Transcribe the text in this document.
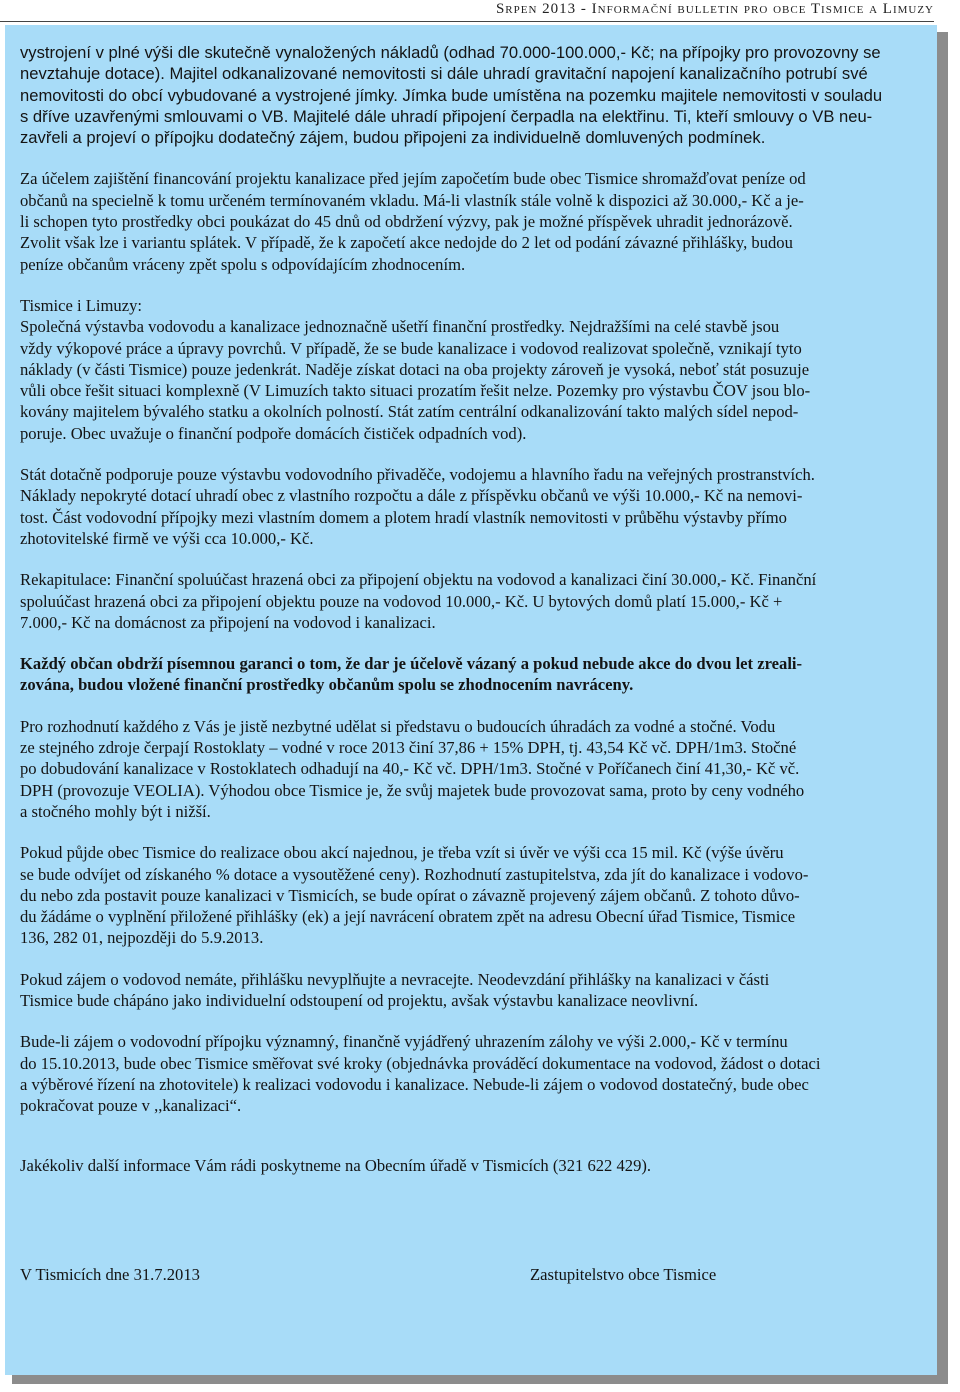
Srpen 2013 - Informační bulletin pro obce Tismice a Limuzy

vystrojení v plné výši dle skutečně vynaložených nákladů (odhad 70.000-100.000,- Kč; na přípojky pro provozovny se
nevztahuje dotace). Majitel odkanalizované nemovitosti si dále uhradí gravitační napojení kanalizačního potrubí své
nemovitosti do obcí vybudované a vystrojené jímky. Jímka bude umístěna na pozemku majitele nemovitosti v souladu
s dříve uzavřenými smlouvami o VB. Majitelé dále uhradí připojení čerpadla na elektřinu. Ti, kteří smlouvy o VB neu-
zavřeli a projeví o přípojku dodatečný zájem, budou připojeni za individuelně domluvených podmínek.

Za účelem zajištění financování projektu kanalizace před jejím započetím bude obec Tismice shromažďovat peníze od
občanů na specielně k tomu určeném termínovaném vkladu. Má-li vlastník stále volně k dispozici až 30.000,- Kč a je-
li schopen tyto prostředky obci poukázat do 45 dnů od obdržení výzvy, pak je možné příspěvek uhradit jednorázově.
Zvolit však lze i variantu splátek. V případě, že k započetí akce nedojde do 2 let od podání závazné přihlášky, budou
peníze občanům vráceny zpět spolu s odpovídajícím zhodnocením.

Tismice i Limuzy:
Společná výstavba vodovodu a kanalizace jednoznačně ušetří finanční prostředky. Nejdražšími na celé stavbě jsou
vždy výkopové práce a úpravy povrchů. V případě, že se bude kanalizace i vodovod realizovat společně, vznikají tyto
náklady (v části Tismice) pouze jedenkrát. Naděje získat dotaci na oba projekty zároveň je vysoká, neboť stát posuzuje
vůli obce řešit situaci komplexně (V Limuzích takto situaci prozatím řešit nelze. Pozemky pro výstavbu ČOV jsou blo-
kovány majitelem bývalého statku a okolních polností. Stát zatím centrální odkanalizování takto malých sídel nepod-
poruje. Obec uvažuje o finanční podpoře domácích čističek odpadních vod).

Stát dotačně podporuje pouze výstavbu vodovodního přivaděče, vodojemu a hlavního řadu na veřejných prostranstvích.
Náklady nepokryté dotací uhradí obec z vlastního rozpočtu a dále z příspěvku občanů ve výši 10.000,- Kč na nemovi-
tost. Část vodovodní přípojky mezi vlastním domem a plotem hradí vlastník nemovitosti v průběhu výstavby přímo
zhotovitelské firmě ve výši cca 10.000,- Kč.

Rekapitulace: Finanční spoluúčast hrazená obci za připojení objektu na vodovod a kanalizaci činí 30.000,- Kč. Finanční
spoluúčast hrazená obci za připojení objektu pouze na vodovod 10.000,- Kč. U bytových domů platí 15.000,- Kč +
7.000,- Kč na domácnost za připojení na vodovod i kanalizaci.

Každý občan obdrží písemnou garanci o tom, že dar je účelově vázaný a pokud nebude akce do dvou let zreali-
zována, budou vložené finanční prostředky občanům spolu se zhodnocením navráceny.

Pro rozhodnutí každého z Vás je jistě nezbytné udělat si představu o budoucích úhradách za vodné a stočné. Vodu
ze stejného zdroje čerpají Rostoklaty – vodné v roce 2013 činí 37,86 + 15% DPH, tj. 43,54 Kč vč. DPH/1m3. Stočné
po dobudování kanalizace v Rostoklatech odhadují na 40,- Kč vč. DPH/1m3. Stočné v Poříčanech činí 41,30,- Kč vč.
DPH (provozuje VEOLIA). Výhodou obce Tismice je, že svůj majetek bude provozovat sama, proto by ceny vodného
a stočného mohly být i nižší.

Pokud půjde obec Tismice do realizace obou akcí najednou, je třeba vzít si úvěr ve výši cca 15 mil. Kč (výše úvěru
se bude odvíjet od získaného % dotace a vysoutěžené ceny). Rozhodnutí zastupitelstva, zda jít do kanalizace i vodovo-
du nebo zda postavit pouze kanalizaci v Tismicích, se bude opírat o závazně projevený zájem občanů. Z tohoto důvo-
du žádáme o vyplnění přiložené přihlášky (ek) a její navrácení obratem zpět na adresu Obecní úřad Tismice, Tismice
136, 282 01, nejpozději do 5.9.2013.

Pokud zájem o vodovod nemáte, přihlášku nevyplňujte a nevracejte. Neodevzdání přihlášky na kanalizaci v části
Tismice bude chápáno jako individuelní odstoupení od projektu, avšak výstavbu kanalizace neovlivní.

Bude-li zájem o vodovodní přípojku významný, finančně vyjádřený uhrazením zálohy ve výši 2.000,- Kč v termínu
do 15.10.2013, bude obec Tismice směřovat své kroky (objednávka prováděcí dokumentace na vodovod, žádost o dotaci
a výběrové řízení na zhotovitele) k realizaci vodovodu i kanalizace. Nebude-li zájem o vodovod dostatečný, bude obec
pokračovat pouze v ,,kanalizaci“.

Jakékoliv další informace Vám rádi poskytneme na Obecním úřadě v Tismicích (321 622 429).

V Tismicích dne 31.7.2013	Zastupitelstvo obce Tismice
